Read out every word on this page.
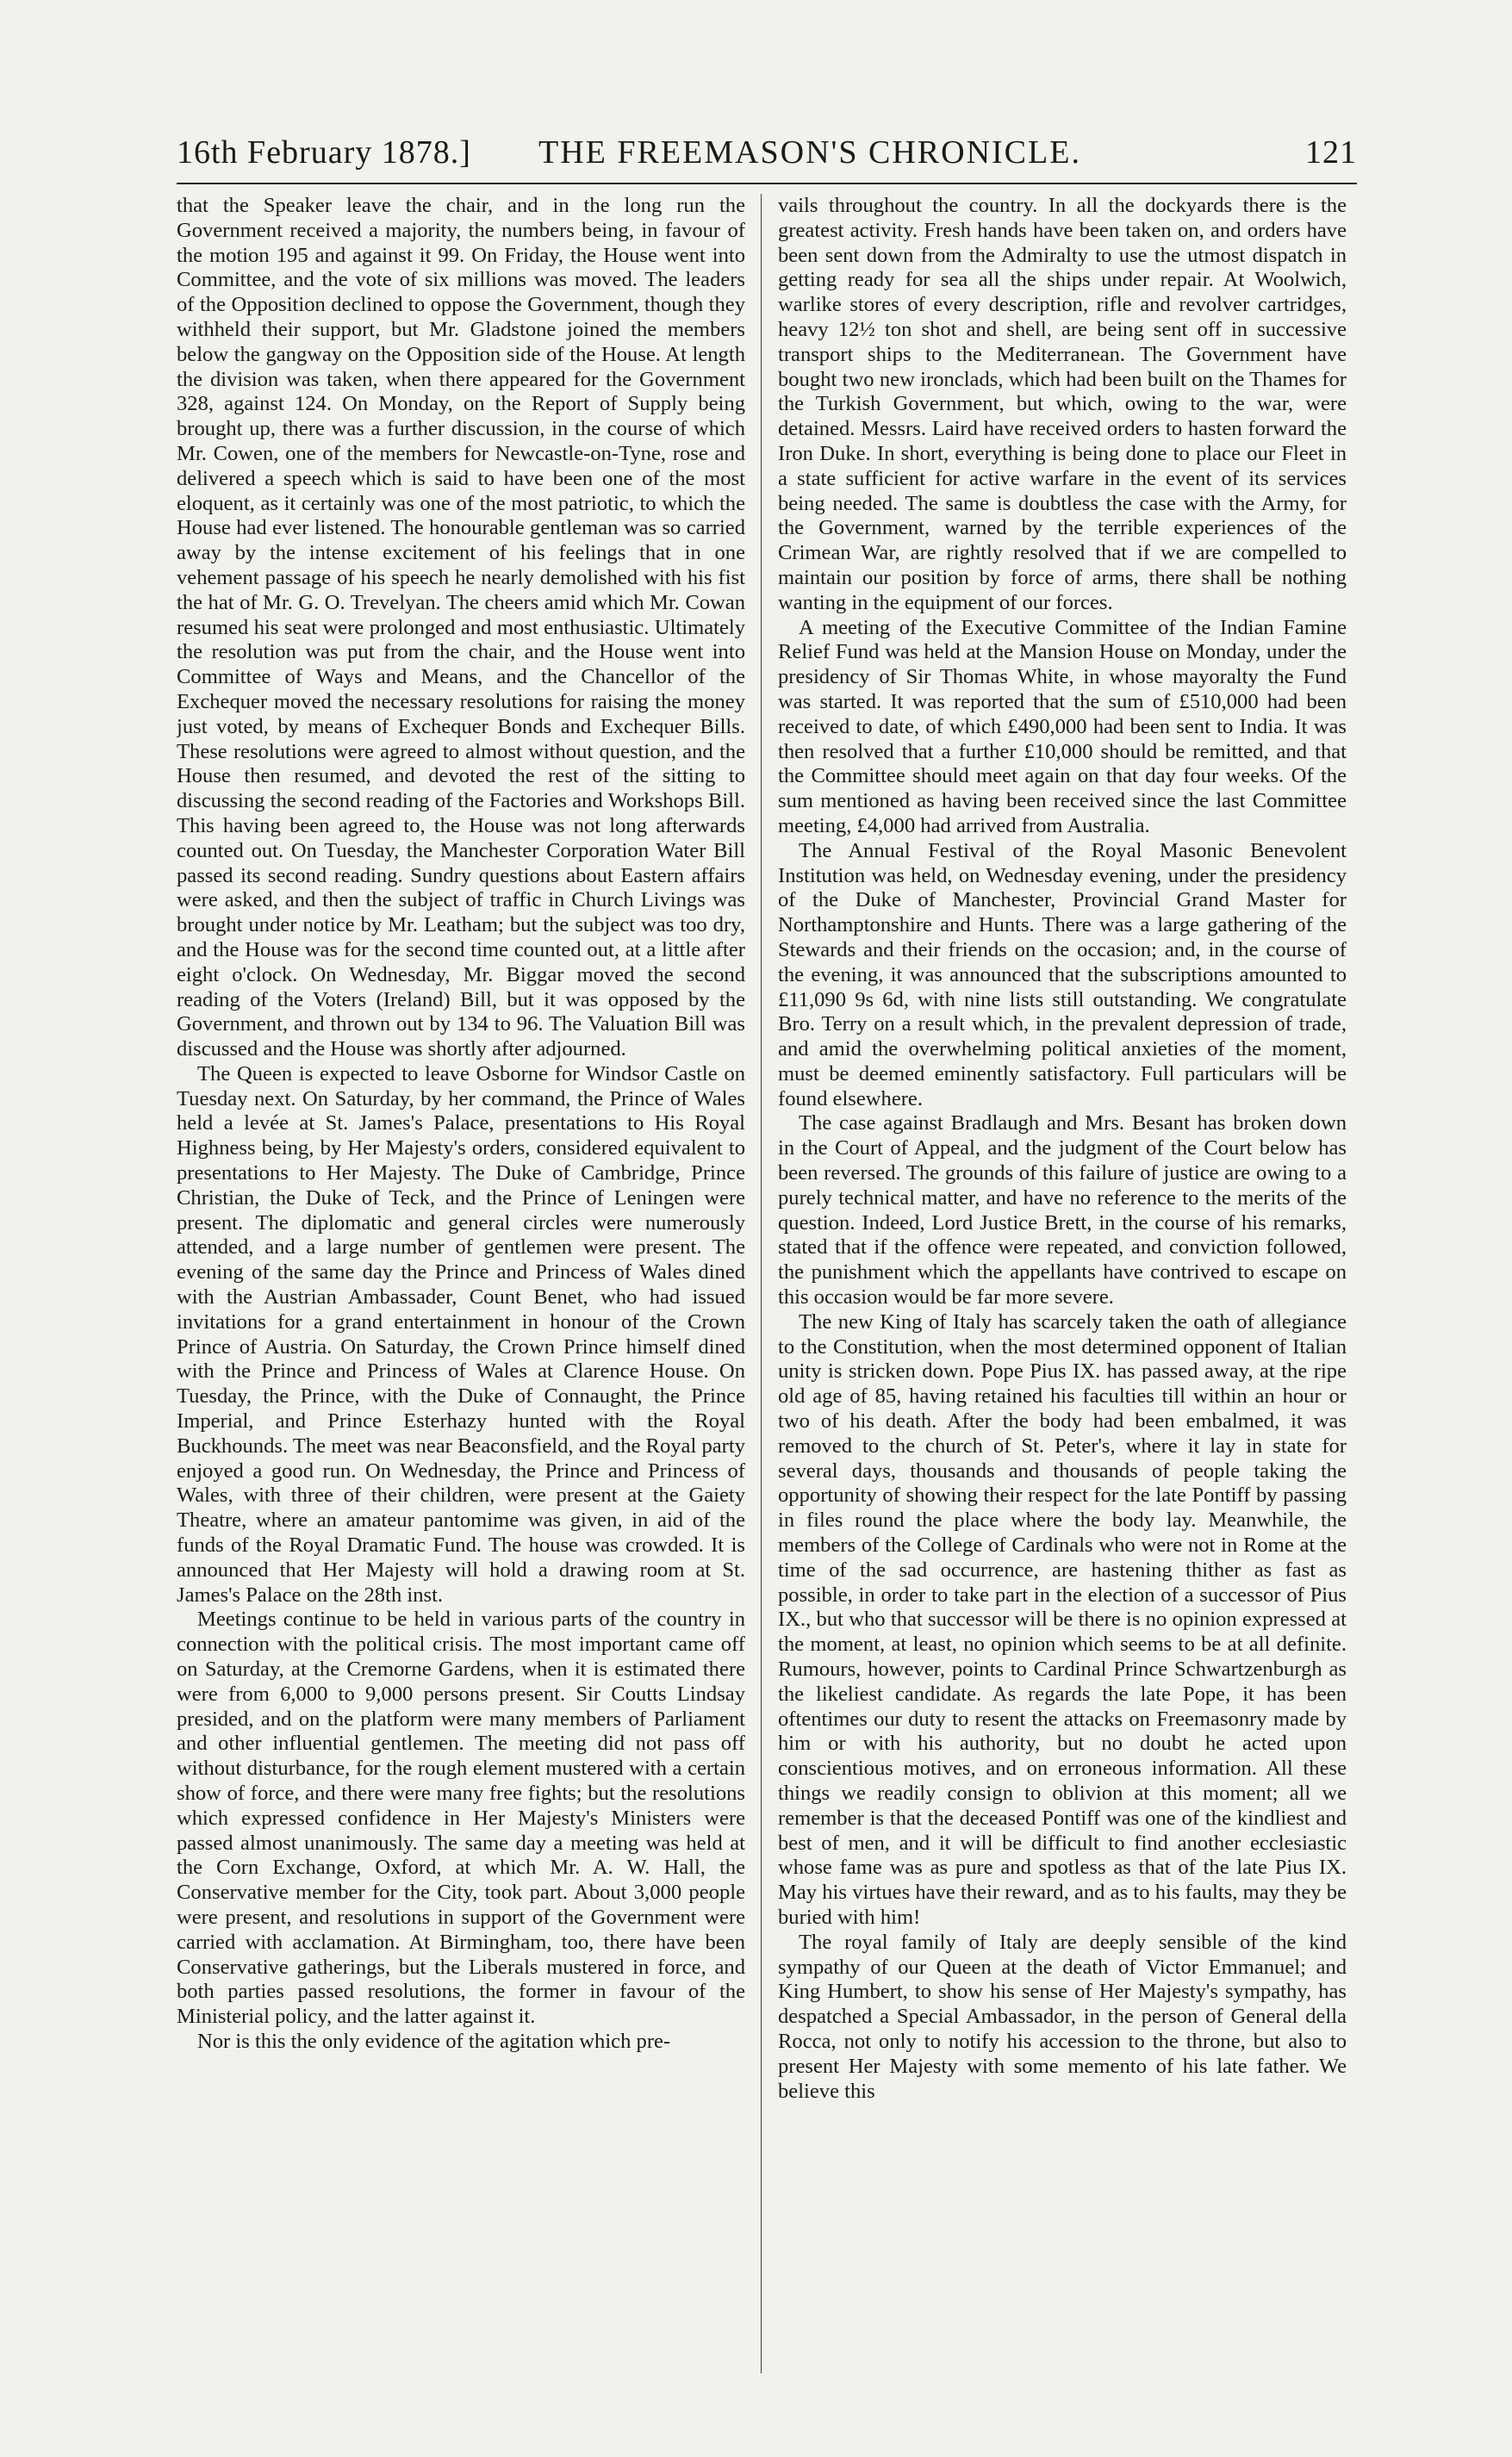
16th February 1878.] THE FREEMASON'S CHRONICLE.	121

that the Speaker leave the chair, and in the long run the Government received a majority, the numbers being, in favour of the motion 195 and against it 99. On Friday, the House went into Committee, and the vote of six millions was moved. The leaders of the Opposition declined to oppose the Government, though they withheld their support, but Mr. Gladstone joined the members below the gangway on the Opposition side of the House. At length the division was taken, when there appeared for the Government 328, against 124. On Monday, on the Report of Supply being brought up, there was a further discussion, in the course of which Mr. Cowen, one of the members for Newcastle-on-Tyne, rose and delivered a speech which is said to have been one of the most eloquent, as it certainly was one of the most patriotic, to which the House had ever listened. The honourable gentleman was so carried away by the intense excitement of his feelings that in one vehement passage of his speech he nearly demolished with his fist the hat of Mr. G. O. Trevelyan. The cheers amid which Mr. Cowan resumed his seat were prolonged and most enthusiastic. Ultimately the resolution was put from the chair, and the House went into Committee of Ways and Means, and the Chancellor of the Exchequer moved the necessary resolutions for raising the money just voted, by means of Exchequer Bonds and Exchequer Bills. These resolutions were agreed to almost without question, and the House then resumed, and devoted the rest of the sitting to discussing the second reading of the Factories and Workshops Bill. This having been agreed to, the House was not long afterwards counted out. On Tuesday, the Manchester Corporation Water Bill passed its second reading. Sundry questions about Eastern affairs were asked, and then the subject of traffic in Church Livings was brought under notice by Mr. Leatham; but the subject was too dry, and the House was for the second time counted out, at a little after eight o'clock. On Wednesday, Mr. Biggar moved the second reading of the Voters (Ireland) Bill, but it was opposed by the Government, and thrown out by 134 to 96. The Valuation Bill was discussed and the House was shortly after adjourned.

The Queen is expected to leave Osborne for Windsor Castle on Tuesday next. On Saturday, by her command, the Prince of Wales held a levée at St. James's Palace, presentations to His Royal Highness being, by Her Majesty's orders, considered equivalent to presentations to Her Majesty. The Duke of Cambridge, Prince Christian, the Duke of Teck, and the Prince of Leningen were present. The diplomatic and general circles were numerously attended, and a large number of gentlemen were present. The evening of the same day the Prince and Princess of Wales dined with the Austrian Ambassader, Count Benet, who had issued invitations for a grand entertainment in honour of the Crown Prince of Austria. On Saturday, the Crown Prince himself dined with the Prince and Princess of Wales at Clarence House. On Tuesday, the Prince, with the Duke of Connaught, the Prince Imperial, and Prince Esterhazy hunted with the Royal Buckhounds. The meet was near Beaconsfield, and the Royal party enjoyed a good run. On Wednesday, the Prince and Princess of Wales, with three of their children, were present at the Gaiety Theatre, where an amateur pantomime was given, in aid of the funds of the Royal Dramatic Fund. The house was crowded. It is announced that Her Majesty will hold a drawing room at St. James's Palace on the 28th inst.

Meetings continue to be held in various parts of the country in connection with the political crisis. The most important came off on Saturday, at the Cremorne Gardens, when it is estimated there were from 6,000 to 9,000 persons present. Sir Coutts Lindsay presided, and on the platform were many members of Parliament and other influential gentlemen. The meeting did not pass off without disturbance, for the rough element mustered with a certain show of force, and there were many free fights; but the resolutions which expressed confidence in Her Majesty's Ministers were passed almost unanimously. The same day a meeting was held at the Corn Exchange, Oxford, at which Mr. A. W. Hall, the Conservative member for the City, took part. About 3,000 people were present, and resolutions in support of the Government were carried with acclamation. At Birmingham, too, there have been Conservative gatherings, but the Liberals mustered in force, and both parties passed resolutions, the former in favour of the Ministerial policy, and the latter against it.

Nor is this the only evidence of the agitation which pre-

vails throughout the country. In all the dockyards there is the greatest activity. Fresh hands have been taken on, and orders have been sent down from the Admiralty to use the utmost dispatch in getting ready for sea all the ships under repair. At Woolwich, warlike stores of every description, rifle and revolver cartridges, heavy 12½ ton shot and shell, are being sent off in successive transport ships to the Mediterranean. The Government have bought two new ironclads, which had been built on the Thames for the Turkish Government, but which, owing to the war, were detained. Messrs. Laird have received orders to hasten forward the Iron Duke. In short, everything is being done to place our Fleet in a state sufficient for active warfare in the event of its services being needed. The same is doubtless the case with the Army, for the Government, warned by the terrible experiences of the Crimean War, are rightly resolved that if we are compelled to maintain our position by force of arms, there shall be nothing wanting in the equipment of our forces.

A meeting of the Executive Committee of the Indian Famine Relief Fund was held at the Mansion House on Monday, under the presidency of Sir Thomas White, in whose mayoralty the Fund was started. It was reported that the sum of £510,000 had been received to date, of which £490,000 had been sent to India. It was then resolved that a further £10,000 should be remitted, and that the Committee should meet again on that day four weeks. Of the sum mentioned as having been received since the last Committee meeting, £4,000 had arrived from Australia.

The Annual Festival of the Royal Masonic Benevolent Institution was held, on Wednesday evening, under the presidency of the Duke of Manchester, Provincial Grand Master for Northamptonshire and Hunts. There was a large gathering of the Stewards and their friends on the occasion; and, in the course of the evening, it was announced that the subscriptions amounted to £11,090 9s 6d, with nine lists still outstanding. We congratulate Bro. Terry on a result which, in the prevalent depression of trade, and amid the overwhelming political anxieties of the moment, must be deemed eminently satisfactory. Full particulars will be found elsewhere.

The case against Bradlaugh and Mrs. Besant has broken down in the Court of Appeal, and the judgment of the Court below has been reversed. The grounds of this failure of justice are owing to a purely technical matter, and have no reference to the merits of the question. Indeed, Lord Justice Brett, in the course of his remarks, stated that if the offence were repeated, and conviction followed, the punishment which the appellants have contrived to escape on this occasion would be far more severe.

The new King of Italy has scarcely taken the oath of allegiance to the Constitution, when the most determined opponent of Italian unity is stricken down. Pope Pius IX. has passed away, at the ripe old age of 85, having retained his faculties till within an hour or two of his death. After the body had been embalmed, it was removed to the church of St. Peter's, where it lay in state for several days, thousands and thousands of people taking the opportunity of showing their respect for the late Pontiff by passing in files round the place where the body lay. Meanwhile, the members of the College of Cardinals who were not in Rome at the time of the sad occurrence, are hastening thither as fast as possible, in order to take part in the election of a successor of Pius IX., but who that successor will be there is no opinion expressed at the moment, at least, no opinion which seems to be at all definite. Rumours, however, points to Cardinal Prince Schwartzenburgh as the likeliest candidate. As regards the late Pope, it has been oftentimes our duty to resent the attacks on Freemasonry made by him or with his authority, but no doubt he acted upon conscientious motives, and on erroneous information. All these things we readily consign to oblivion at this moment; all we remember is that the deceased Pontiff was one of the kindliest and best of men, and it will be difficult to find another ecclesiastic whose fame was as pure and spotless as that of the late Pius IX. May his virtues have their reward, and as to his faults, may they be buried with him!

The royal family of Italy are deeply sensible of the kind sympathy of our Queen at the death of Victor Emmanuel; and King Humbert, to show his sense of Her Majesty's sympathy, has despatched a Special Ambassador, in the person of General della Rocca, not only to notify his accession to the throne, but also to present Her Majesty with some memento of his late father. We believe this
